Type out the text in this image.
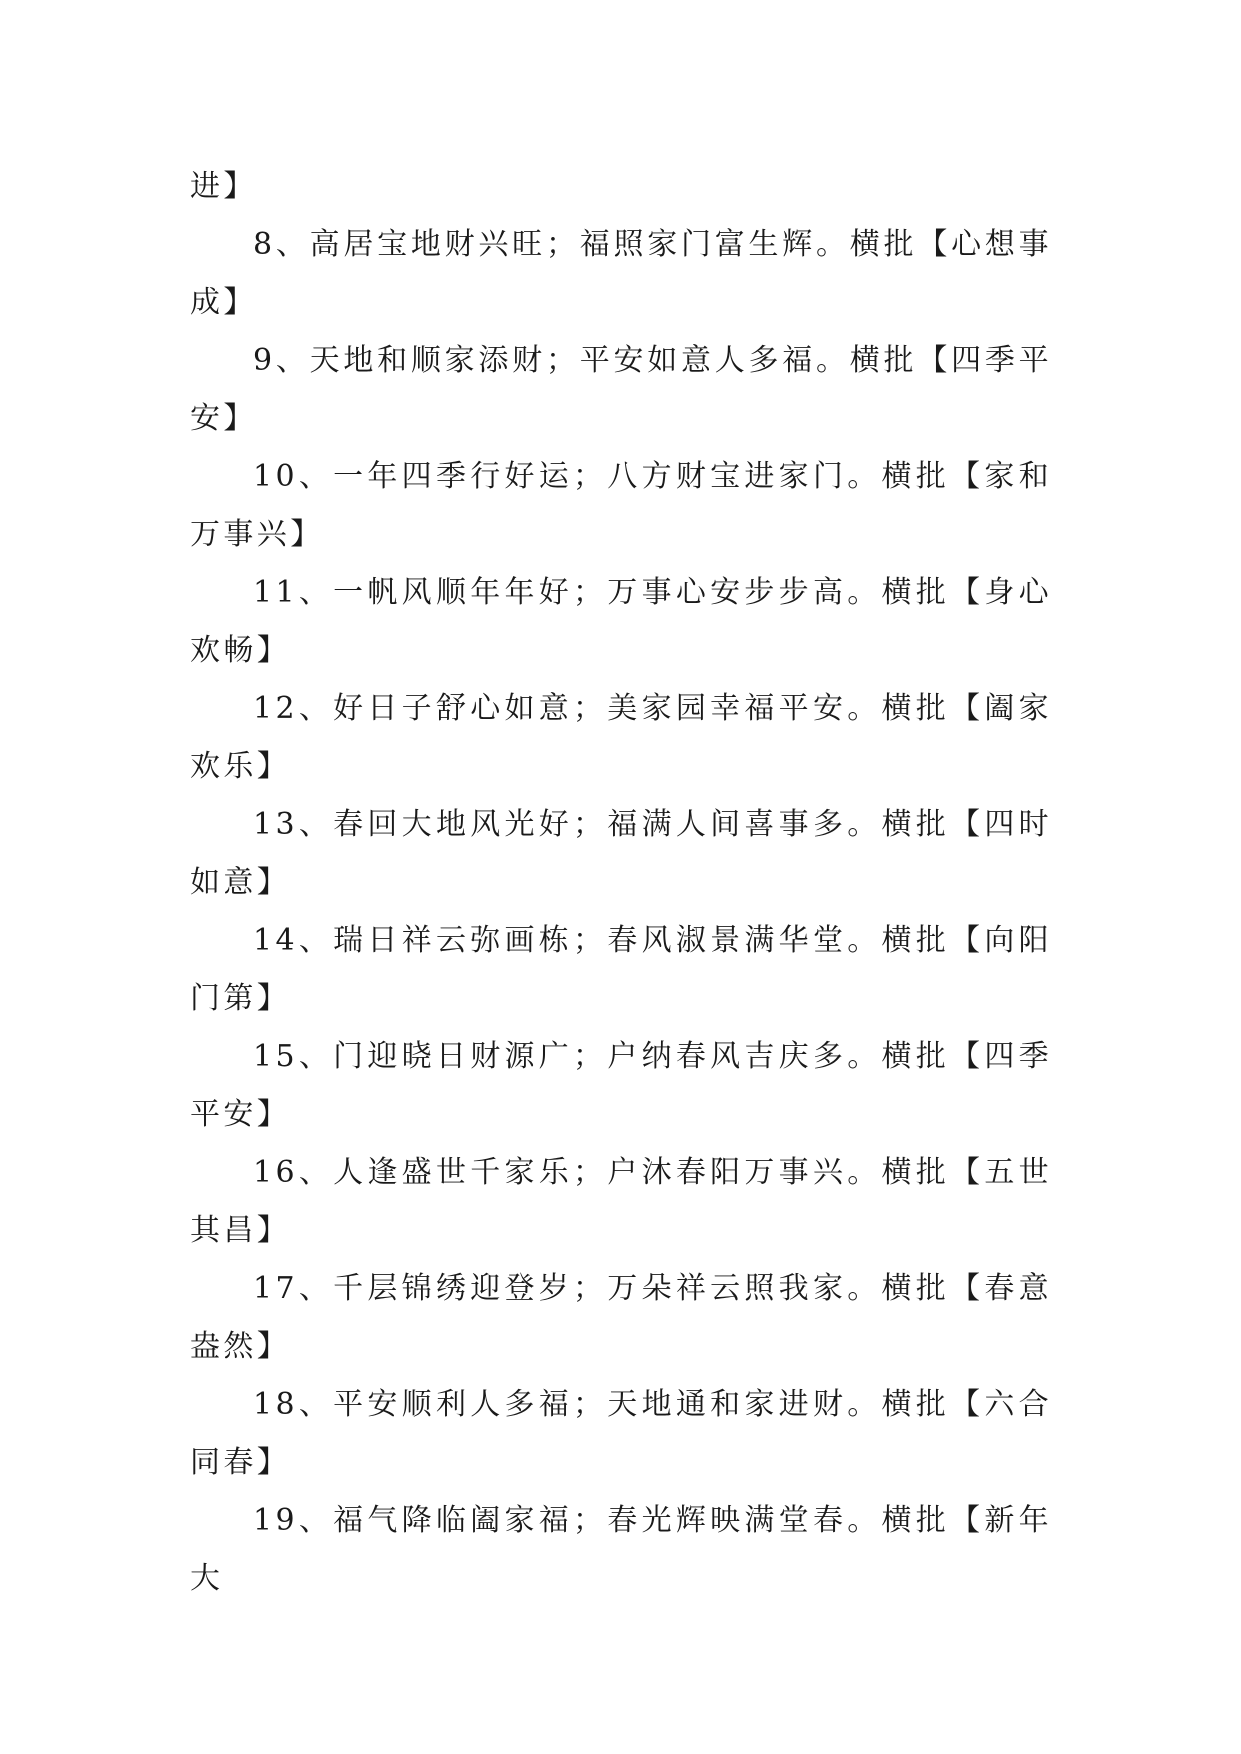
进】

8、高居宝地财兴旺；福照家门富生辉。横批【心想事成】

9、天地和顺家添财；平安如意人多福。横批【四季平安】

10、一年四季行好运；八方财宝进家门。横批【家和万事兴】

11、一帆风顺年年好；万事心安步步高。横批【身心欢畅】

12、好日子舒心如意；美家园幸福平安。横批【阖家欢乐】

13、春回大地风光好；福满人间喜事多。横批【四时如意】

14、瑞日祥云弥画栋；春风淑景满华堂。横批【向阳门第】

15、门迎晓日财源广；户纳春风吉庆多。横批【四季平安】

16、人逢盛世千家乐；户沐春阳万事兴。横批【五世其昌】

17、千层锦绣迎登岁；万朵祥云照我家。横批【春意盎然】

18、平安顺利人多福；天地通和家进财。横批【六合同春】

19、福气降临阖家福；春光辉映满堂春。横批【新年大
